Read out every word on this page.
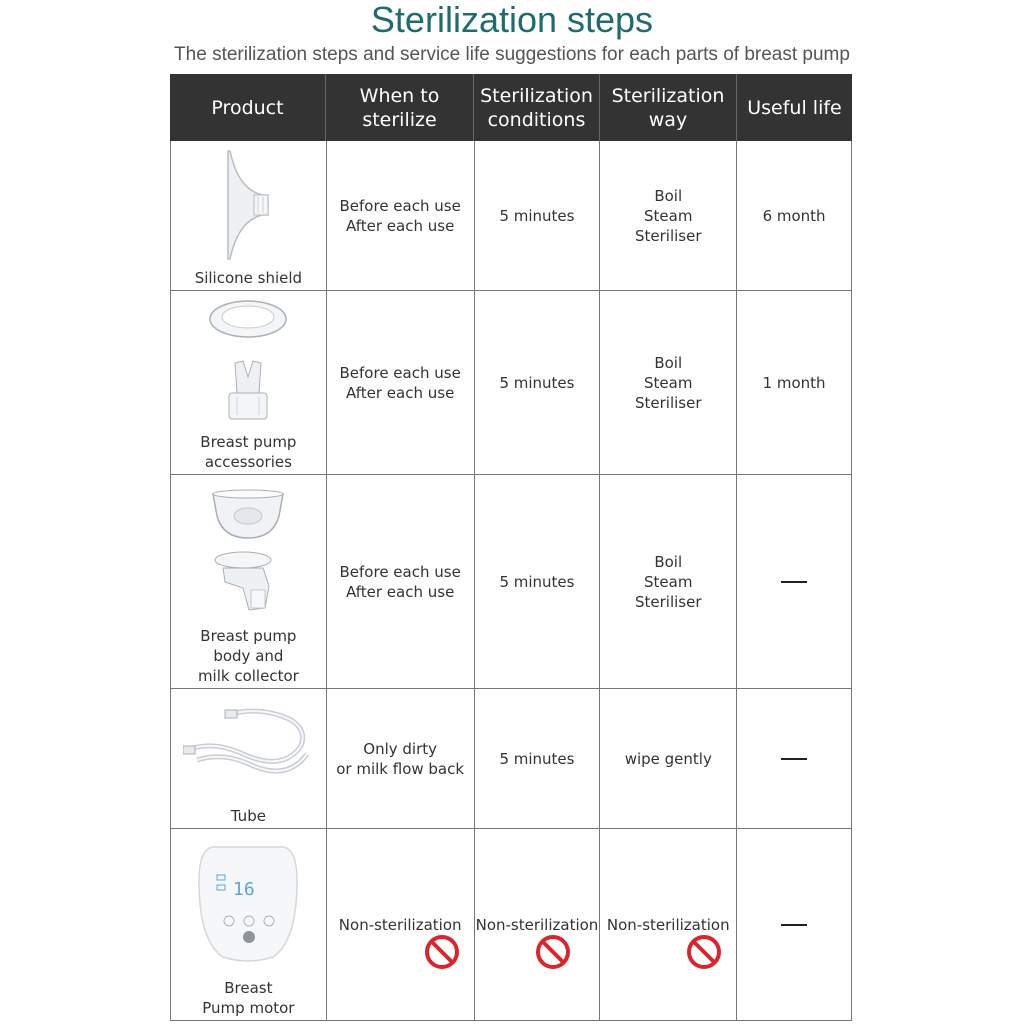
Sterilization steps
The sterilization steps and service life suggestions for each parts of breast pump
Product
When to
sterilize
Sterilization
conditions
Sterilization
way
Useful life
Silicone shield
Before each use
After each use
5 minutes
Boil
Steam
Steriliser
6 month
Breast pump
accessories
Before each use
After each use
5 minutes
Boil
Steam
Steriliser
1 month
Breast pump
body and
milk collector
Before each use
After each use
5 minutes
Boil
Steam
Steriliser
Tube
Only dirty
or milk flow back
5 minutes	wipe gently
16
Breast
Pump motor
Non-sterilization Non-sterilization Non-sterilization
